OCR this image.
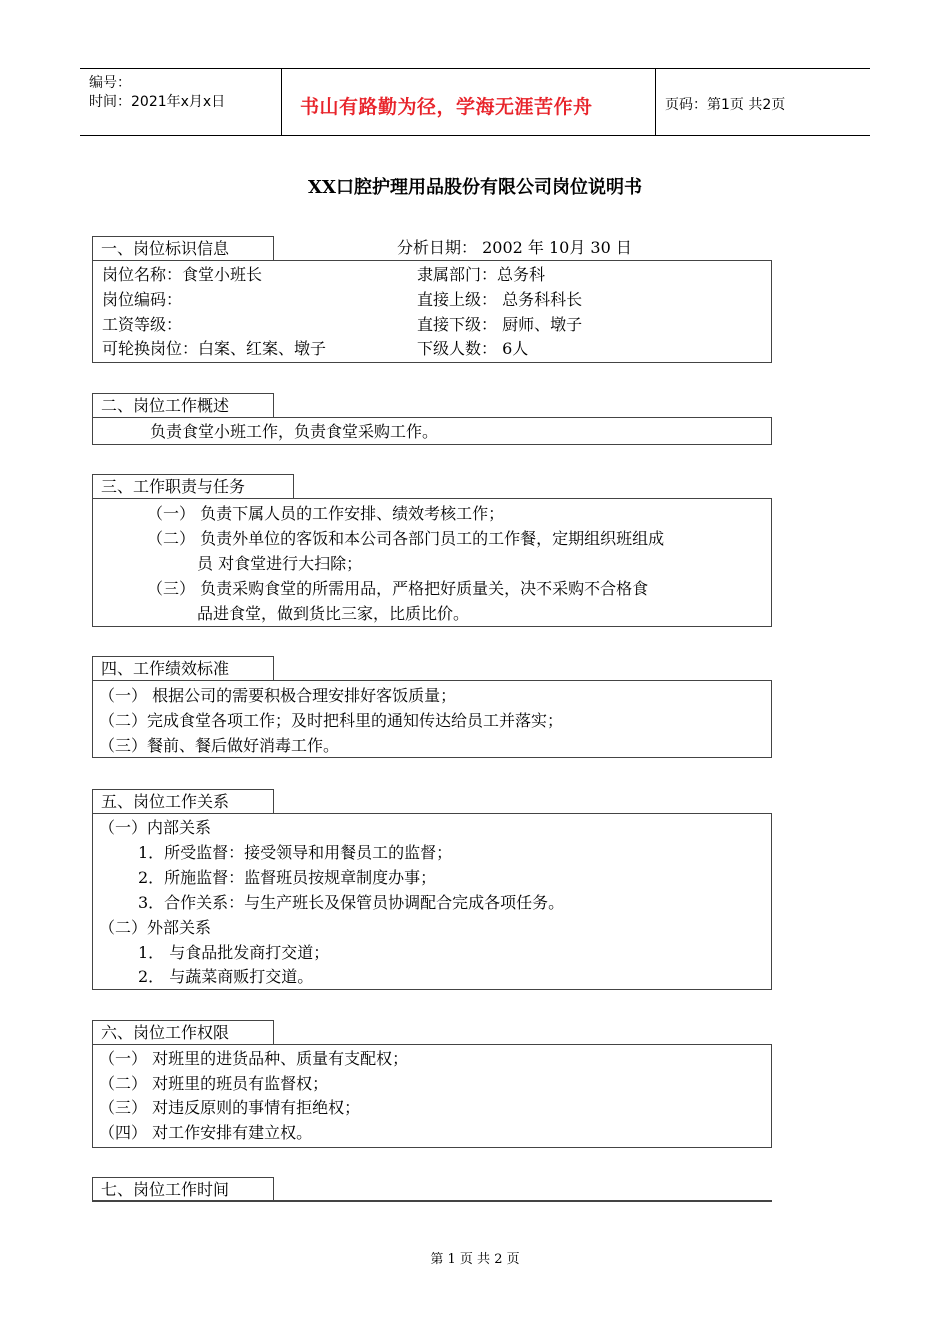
编号：
时间：2021年x月x日	书山有路勤为径，学海无涯苦作舟	页码：第1页 共2页
XX口腔护理用品股份有限公司岗位说明书
一、岗位标识信息	分析日期： 2002 年 10月 30 日
岗位名称：食堂小班长	隶属部门：总务科
岗位编码：	直接上级： 总务科科长
工资等级：	直接下级： 厨师、墩子
可轮换岗位：白案、红案、墩子	下级人数： 6人
二、岗位工作概述
负责食堂小班工作，负责食堂采购工作。
三、工作职责与任务
（一） 负责下属人员的工作安排、绩效考核工作；
（二） 负责外单位的客饭和本公司各部门员工的工作餐，定期组织班组成
员 对食堂进行大扫除；
（三） 负责采购食堂的所需用品，严格把好质量关，决不采购不合格食
品进食堂，做到货比三家，比质比价。
四、工作绩效标准
（一） 根据公司的需要积极合理安排好客饭质量；
（二）完成食堂各项工作；及时把科里的通知传达给员工并落实；
（三）餐前、餐后做好消毒工作。
五、岗位工作关系
（一）内部关系
1．所受监督：接受领导和用餐员工的监督；
2．所施监督：监督班员按规章制度办事；
3．合作关系：与生产班长及保管员协调配合完成各项任务。
（二）外部关系
1． 与食品批发商打交道；
2． 与蔬菜商贩打交道。
六、岗位工作权限
（一） 对班里的进货品种、质量有支配权；
（二） 对班里的班员有监督权；
（三） 对违反原则的事情有拒绝权；
（四） 对工作安排有建立权。
七、岗位工作时间
第 1 页 共 2 页
